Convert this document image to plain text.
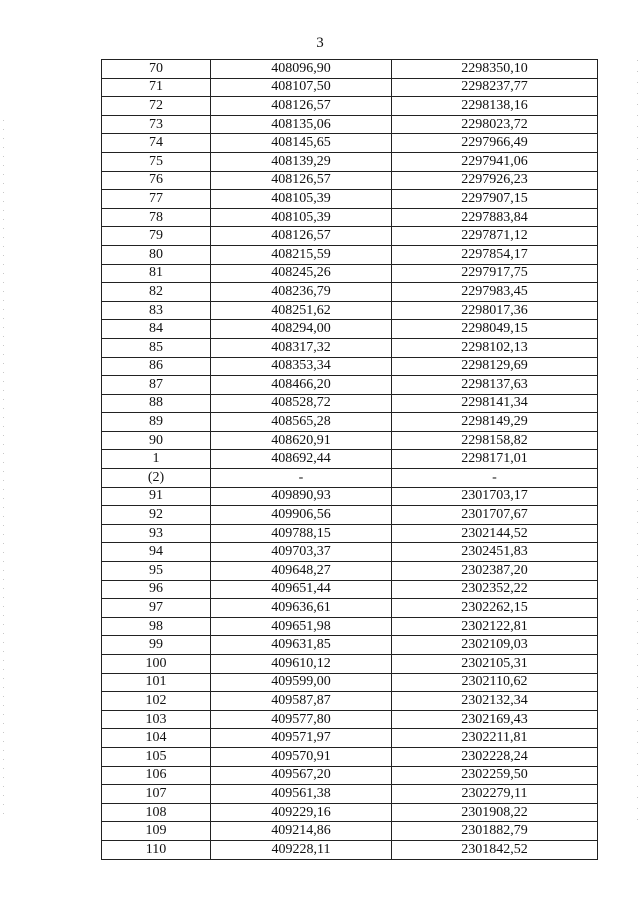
3
70	408096,90	2298350,10
71	408107,50	2298237,77
72	408126,57	2298138,16
73	408135,06	2298023,72
74	408145,65	2297966,49
75	408139,29	2297941,06
76	408126,57	2297926,23
77	408105,39	2297907,15
78	408105,39	2297883,84
79	408126,57	2297871,12
80	408215,59	2297854,17
81	408245,26	2297917,75
82	408236,79	2297983,45
83	408251,62	2298017,36
84	408294,00	2298049,15
85	408317,32	2298102,13
86	408353,34	2298129,69
87	408466,20	2298137,63
88	408528,72	2298141,34
89	408565,28	2298149,29
90	408620,91	2298158,82
1	408692,44	2298171,01
(2)	-	-
91	409890,93	2301703,17
92	409906,56	2301707,67
93	409788,15	2302144,52
94	409703,37	2302451,83
95	409648,27	2302387,20
96	409651,44	2302352,22
97	409636,61	2302262,15
98	409651,98	2302122,81
99	409631,85	2302109,03
100	409610,12	2302105,31
101	409599,00	2302110,62
102	409587,87	2302132,34
103	409577,80	2302169,43
104	409571,97	2302211,81
105	409570,91	2302228,24
106	409567,20	2302259,50
107	409561,38	2302279,11
108	409229,16	2301908,22
109	409214,86	2301882,79
110	409228,11	2301842,52
